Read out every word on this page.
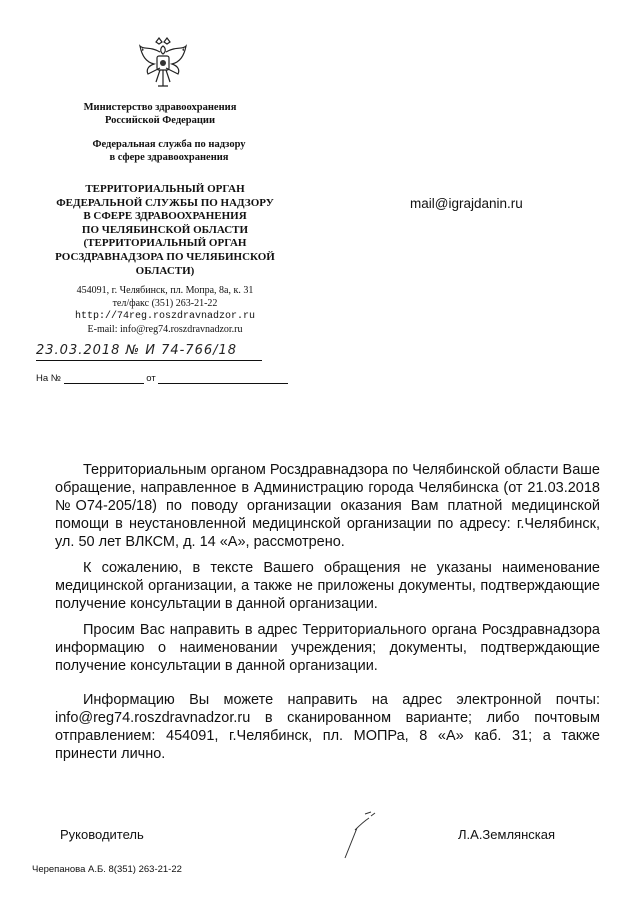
Министерство здравоохранения
Российской Федерации
Федеральная служба по надзору
в сфере здравоохранения
ТЕРРИТОРИАЛЬНЫЙ ОРГАН
ФЕДЕРАЛЬНОЙ СЛУЖБЫ ПО НАДЗОРУ
В СФЕРЕ ЗДРАВООХРАНЕНИЯ
ПО ЧЕЛЯБИНСКОЙ ОБЛАСТИ
(ТЕРРИТОРИАЛЬНЫЙ ОРГАН
РОСЗДРАВНАДЗОРА ПО ЧЕЛЯБИНСКОЙ
ОБЛАСТИ)
454091, г. Челябинск, пл. Мопра, 8а, к. 31
тел/факс (351) 263-21-22
http://74reg.roszdravnadzor.ru
E-mail: info@reg74.roszdravnadzor.ru
mail@igrajdanin.ru
23.03.2018 № И 74-766/18
На №	от

Территориальным органом Росздравнадзора по Челябинской области Ваше обращение, направленное в Администрацию города Челябинска (от 21.03.2018 №О74-205/18) по поводу организации оказания Вам платной медицинской помощи в неустановленной медицинской организации по адресу: г.Челябинск, ул. 50 лет ВЛКСМ, д. 14 «А», рассмотрено.

К сожалению, в тексте Вашего обращения не указаны наименование медицинской организации, а также не приложены документы, подтверждающие получение консультации в данной организации.

Просим Вас направить в адрес Территориального органа Росздравнадзора информацию о наименовании учреждения; документы, подтверждающие получение консультации в данной организации.

Информацию Вы можете направить на адрес электронной почты: info@reg74.roszdravnadzor.ru в сканированном варианте; либо почтовым отправлением: 454091, г.Челябинск, пл. МОПРа, 8 «А» каб. 31; а также принести лично.

Руководитель	Л.А.Землянская
Черепанова А.Б. 8(351) 263-21-22
